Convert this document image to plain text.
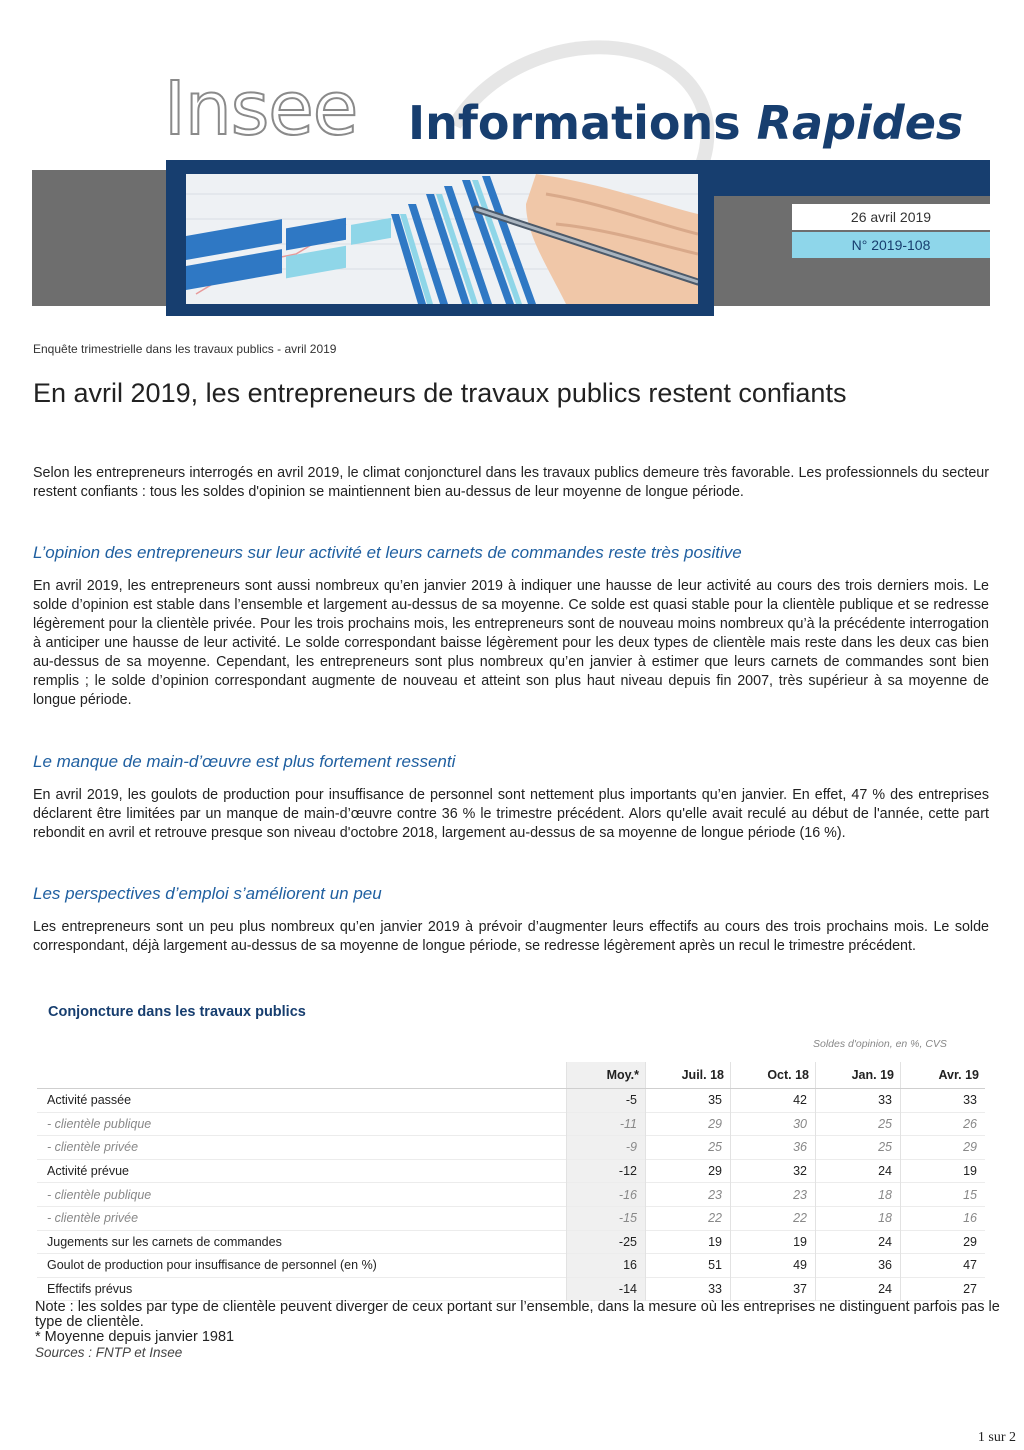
Insee Informations Rapides
26 avril 2019
N° 2019-108
Enquête trimestrielle dans les travaux publics - avril 2019
En avril 2019, les entrepreneurs de travaux publics restent confiants

Selon les entrepreneurs interrogés en avril 2019, le climat conjoncturel dans les travaux publics demeure très favorable. Les professionnels du secteur restent confiants : tous les soldes d'opinion se maintiennent bien au-dessus de leur moyenne de longue période.

L’opinion des entrepreneurs sur leur activité et leurs carnets de commandes reste très positive

En avril 2019, les entrepreneurs sont aussi nombreux qu’en janvier 2019 à indiquer une hausse de leur activité au cours des trois derniers mois. Le solde d’opinion est stable dans l’ensemble et largement au-dessus de sa moyenne. Ce solde est quasi stable pour la clientèle publique et se redresse légèrement pour la clientèle privée. Pour les trois prochains mois, les entrepreneurs sont de nouveau moins nombreux qu’à la précédente interrogation à anticiper une hausse de leur activité. Le solde correspondant baisse légèrement pour les deux types de clientèle mais reste dans les deux cas bien au-dessus de sa moyenne. Cependant, les entrepreneurs sont plus nombreux qu’en janvier à estimer que leurs carnets de commandes sont bien remplis ; le solde d’opinion correspondant augmente de nouveau et atteint son plus haut niveau depuis fin 2007, très supérieur à sa moyenne de longue période.

Le manque de main-d’œuvre est plus fortement ressenti

En avril 2019, les goulots de production pour insuffisance de personnel sont nettement plus importants qu’en janvier. En effet, 47 % des entreprises déclarent être limitées par un manque de main-d’œuvre contre 36 % le trimestre précédent. Alors qu'elle avait reculé au début de l'année, cette part rebondit en avril et retrouve presque son niveau d'octobre 2018, largement au-dessus de sa moyenne de longue période (16 %).

Les perspectives d’emploi s’améliorent un peu

Les entrepreneurs sont un peu plus nombreux qu’en janvier 2019 à prévoir d’augmenter leurs effectifs au cours des trois prochains mois. Le solde correspondant, déjà largement au-dessus de sa moyenne de longue période, se redresse légèrement après un recul le trimestre précédent.

Conjoncture dans les travaux publics
Soldes d'opinion, en %, CVS
	Moy.*	Juil. 18	Oct. 18	Jan. 19	Avr. 19
Activité passée	-5	35	42	33	33
- clientèle publique	-11	29	30	25	26
- clientèle privée	-9	25	36	25	29
Activité prévue	-12	29	32	24	19
- clientèle publique	-16	23	23	18	15
- clientèle privée	-15	22	22	18	16
Jugements sur les carnets de commandes	-25	19	19	24	29
Goulot de production pour insuffisance de personnel (en %)	16	51	49	36	47
Effectifs prévus	-14	33	37	24	27
Note : les soldes par type de clientèle peuvent diverger de ceux portant sur l’ensemble, dans la mesure où les entreprises ne distinguent parfois pas le type de clientèle.
* Moyenne depuis janvier 1981
Sources : FNTP et Insee
1 sur 2
